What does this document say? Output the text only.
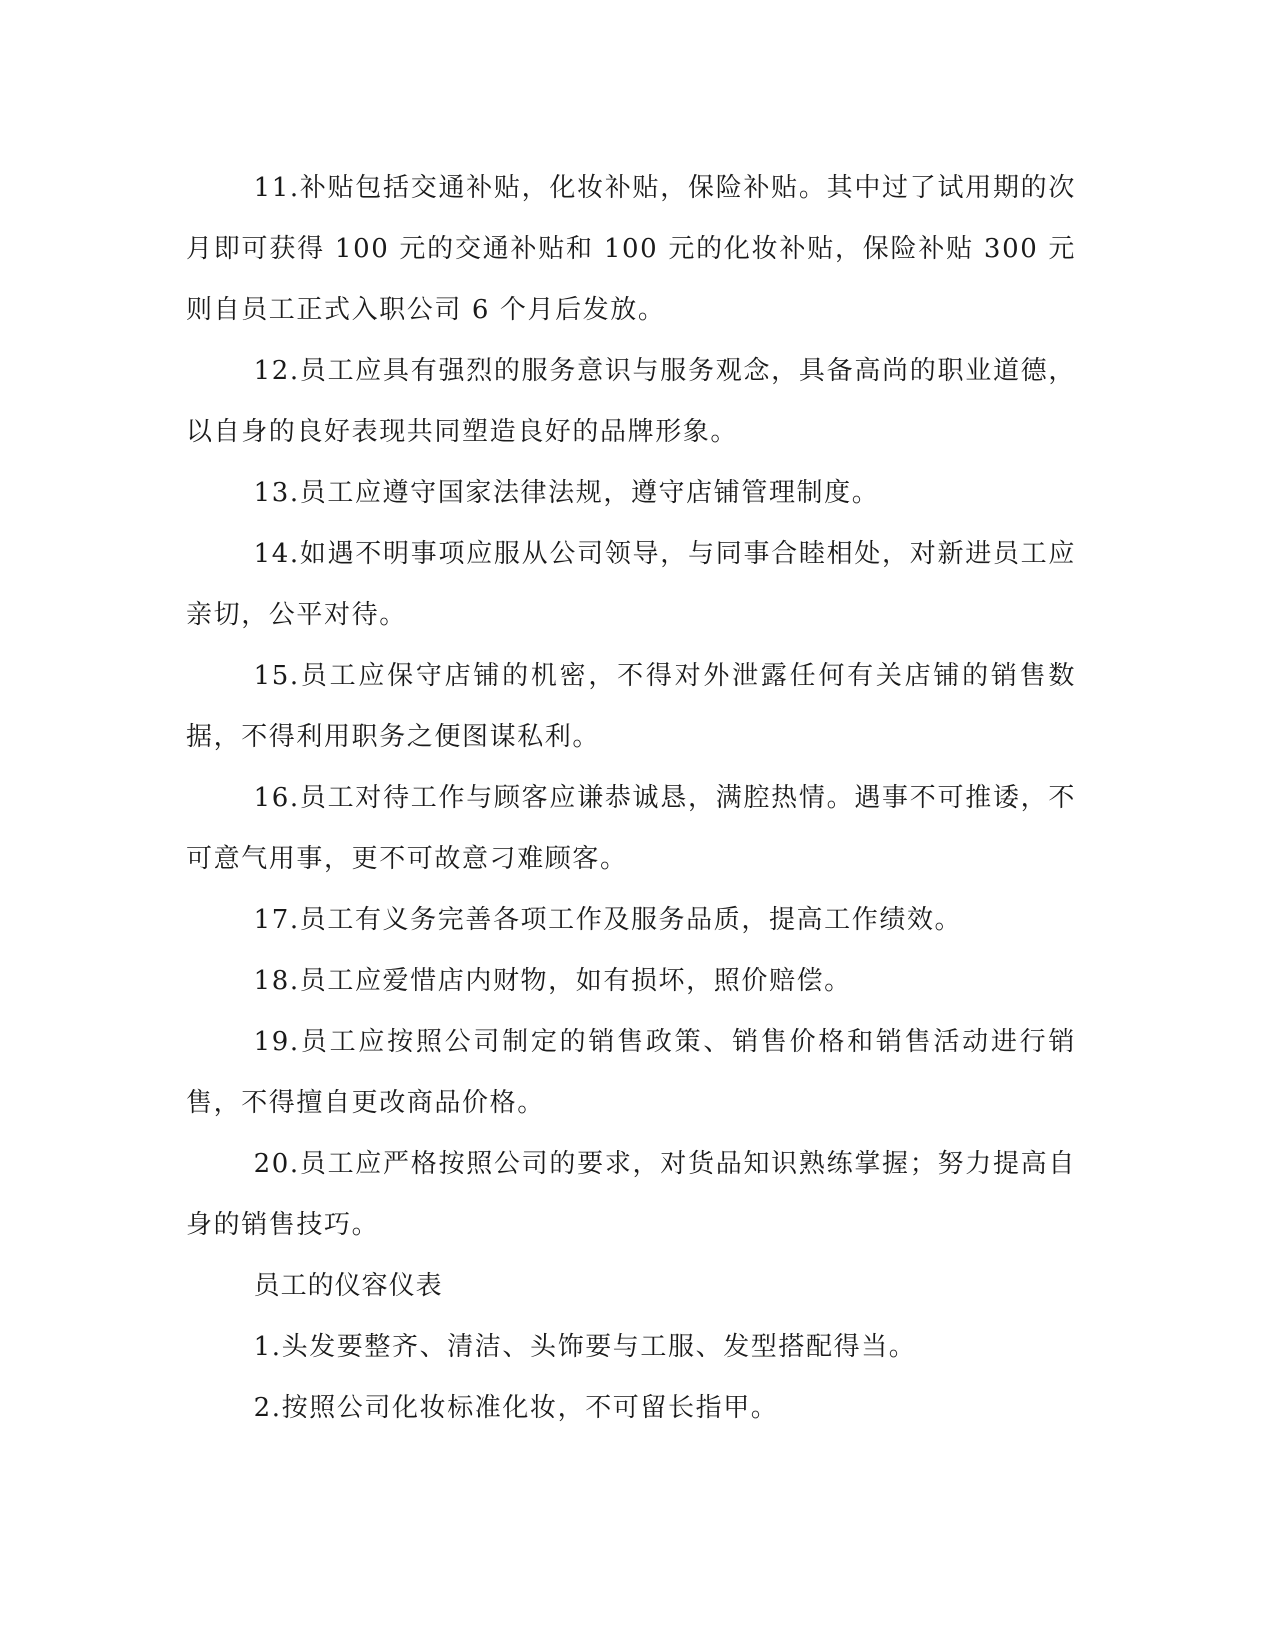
11.补贴包括交通补贴，化妆补贴，保险补贴。其中过了试用期的次月即可获得 100 元的交通补贴和 100 元的化妆补贴，保险补贴 300 元则自员工正式入职公司 6 个月后发放。

12.员工应具有强烈的服务意识与服务观念，具备高尚的职业道德，以自身的良好表现共同塑造良好的品牌形象。

13.员工应遵守国家法律法规，遵守店铺管理制度。

14.如遇不明事项应服从公司领导，与同事合睦相处，对新进员工应亲切，公平对待。

15.员工应保守店铺的机密，不得对外泄露任何有关店铺的销售数据，不得利用职务之便图谋私利。

16.员工对待工作与顾客应谦恭诚恳，满腔热情。遇事不可推诿，不可意气用事，更不可故意刁难顾客。

17.员工有义务完善各项工作及服务品质，提高工作绩效。

18.员工应爱惜店内财物，如有损坏，照价赔偿。

19.员工应按照公司制定的销售政策、销售价格和销售活动进行销售，不得擅自更改商品价格。

20.员工应严格按照公司的要求，对货品知识熟练掌握；努力提高自身的销售技巧。

员工的仪容仪表

1.头发要整齐、清洁、头饰要与工服、发型搭配得当。

2.按照公司化妆标准化妆，不可留长指甲。
